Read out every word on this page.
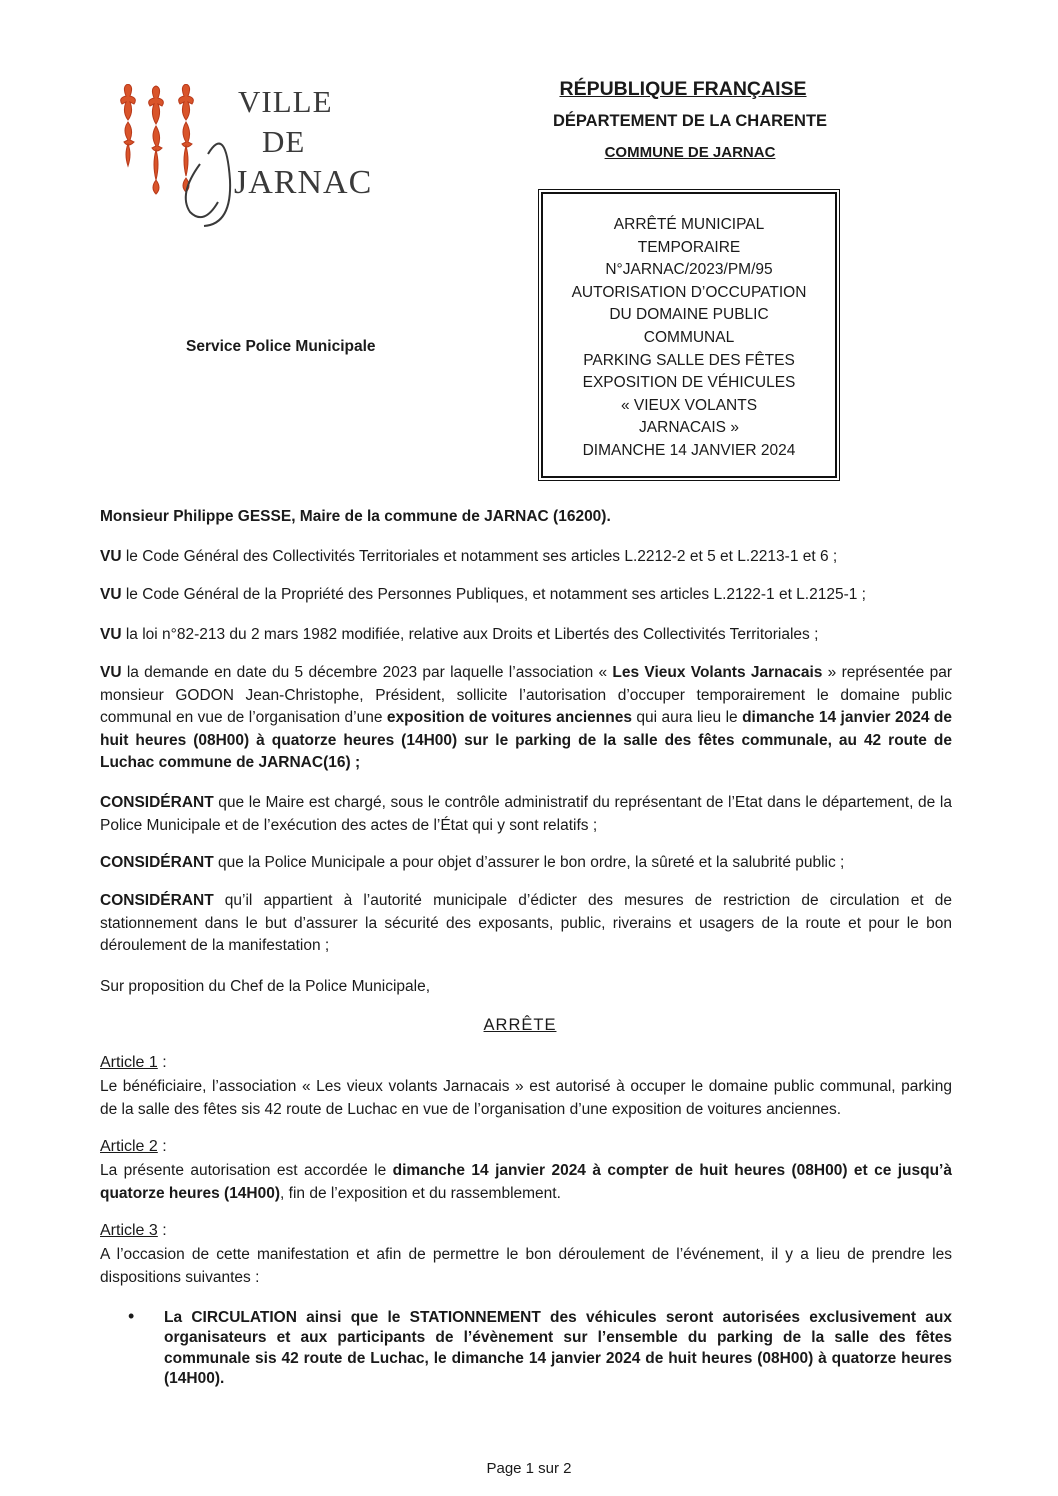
VILLE
DE
JARNAC
RÉPUBLIQUE FRANÇAISE
DÉPARTEMENT DE LA CHARENTE
COMMUNE DE JARNAC
ARRÊTÉ MUNICIPAL
TEMPORAIRE
N°JARNAC/2023/PM/95
AUTORISATION D’OCCUPATION
DU DOMAINE PUBLIC
COMMUNAL
PARKING SALLE DES FÊTES
EXPOSITION DE VÉHICULES
« VIEUX VOLANTS
JARNACAIS »
DIMANCHE 14 JANVIER 2024
Service Police Municipale
Monsieur Philippe GESSE, Maire de la commune de JARNAC (16200).
VU le Code Général des Collectivités Territoriales et notamment ses articles L.2212-2 et 5 et L.2213-1 et 6 ;
VU le Code Général de la Propriété des Personnes Publiques, et notamment ses articles L.2122-1 et L.2125-1 ;
VU la loi n°82-213 du 2 mars 1982 modifiée, relative aux Droits et Libertés des Collectivités Territoriales ;
VU la demande en date du 5 décembre 2023 par laquelle l’association « Les Vieux Volants Jarnacais » représentée par monsieur GODON Jean-Christophe, Président, sollicite l’autorisation d’occuper temporairement le domaine public communal en vue de l’organisation d’une exposition de voitures anciennes qui aura lieu le dimanche 14 janvier 2024 de huit heures (08H00) à quatorze heures (14H00) sur le parking de la salle des fêtes communale, au 42 route de Luchac commune de JARNAC(16) ;
CONSIDÉRANT que le Maire est chargé, sous le contrôle administratif du représentant de l’Etat dans le département, de la Police Municipale et de l’exécution des actes de l’État qui y sont relatifs ;
CONSIDÉRANT que la Police Municipale a pour objet d’assurer le bon ordre, la sûreté et la salubrité public ;
CONSIDÉRANT qu’il appartient à l’autorité municipale d’édicter des mesures de restriction de circulation et de stationnement dans le but d’assurer la sécurité des exposants, public, riverains et usagers de la route et pour le bon déroulement de la manifestation ;
Sur proposition du Chef de la Police Municipale,
ARRÊTE
Article 1 :
Le bénéficiaire, l’association « Les vieux volants Jarnacais » est autorisé à occuper le domaine public communal, parking de la salle des fêtes sis 42 route de Luchac en vue de l’organisation d’une exposition de voitures anciennes.
Article 2 :
La présente autorisation est accordée le dimanche 14 janvier 2024 à compter de huit heures (08H00) et ce jusqu’à quatorze heures (14H00), fin de l’exposition et du rassemblement.
Article 3 :
A l’occasion de cette manifestation et afin de permettre le bon déroulement de l’événement, il y a lieu de prendre les dispositions suivantes :
• La CIRCULATION ainsi que le STATIONNEMENT des véhicules seront autorisées exclusivement aux organisateurs et aux participants de l’évènement sur l’ensemble du parking de la salle des fêtes communale sis 42 route de Luchac, le dimanche 14 janvier 2024 de huit heures (08H00) à quatorze heures (14H00).
Page 1 sur 2
